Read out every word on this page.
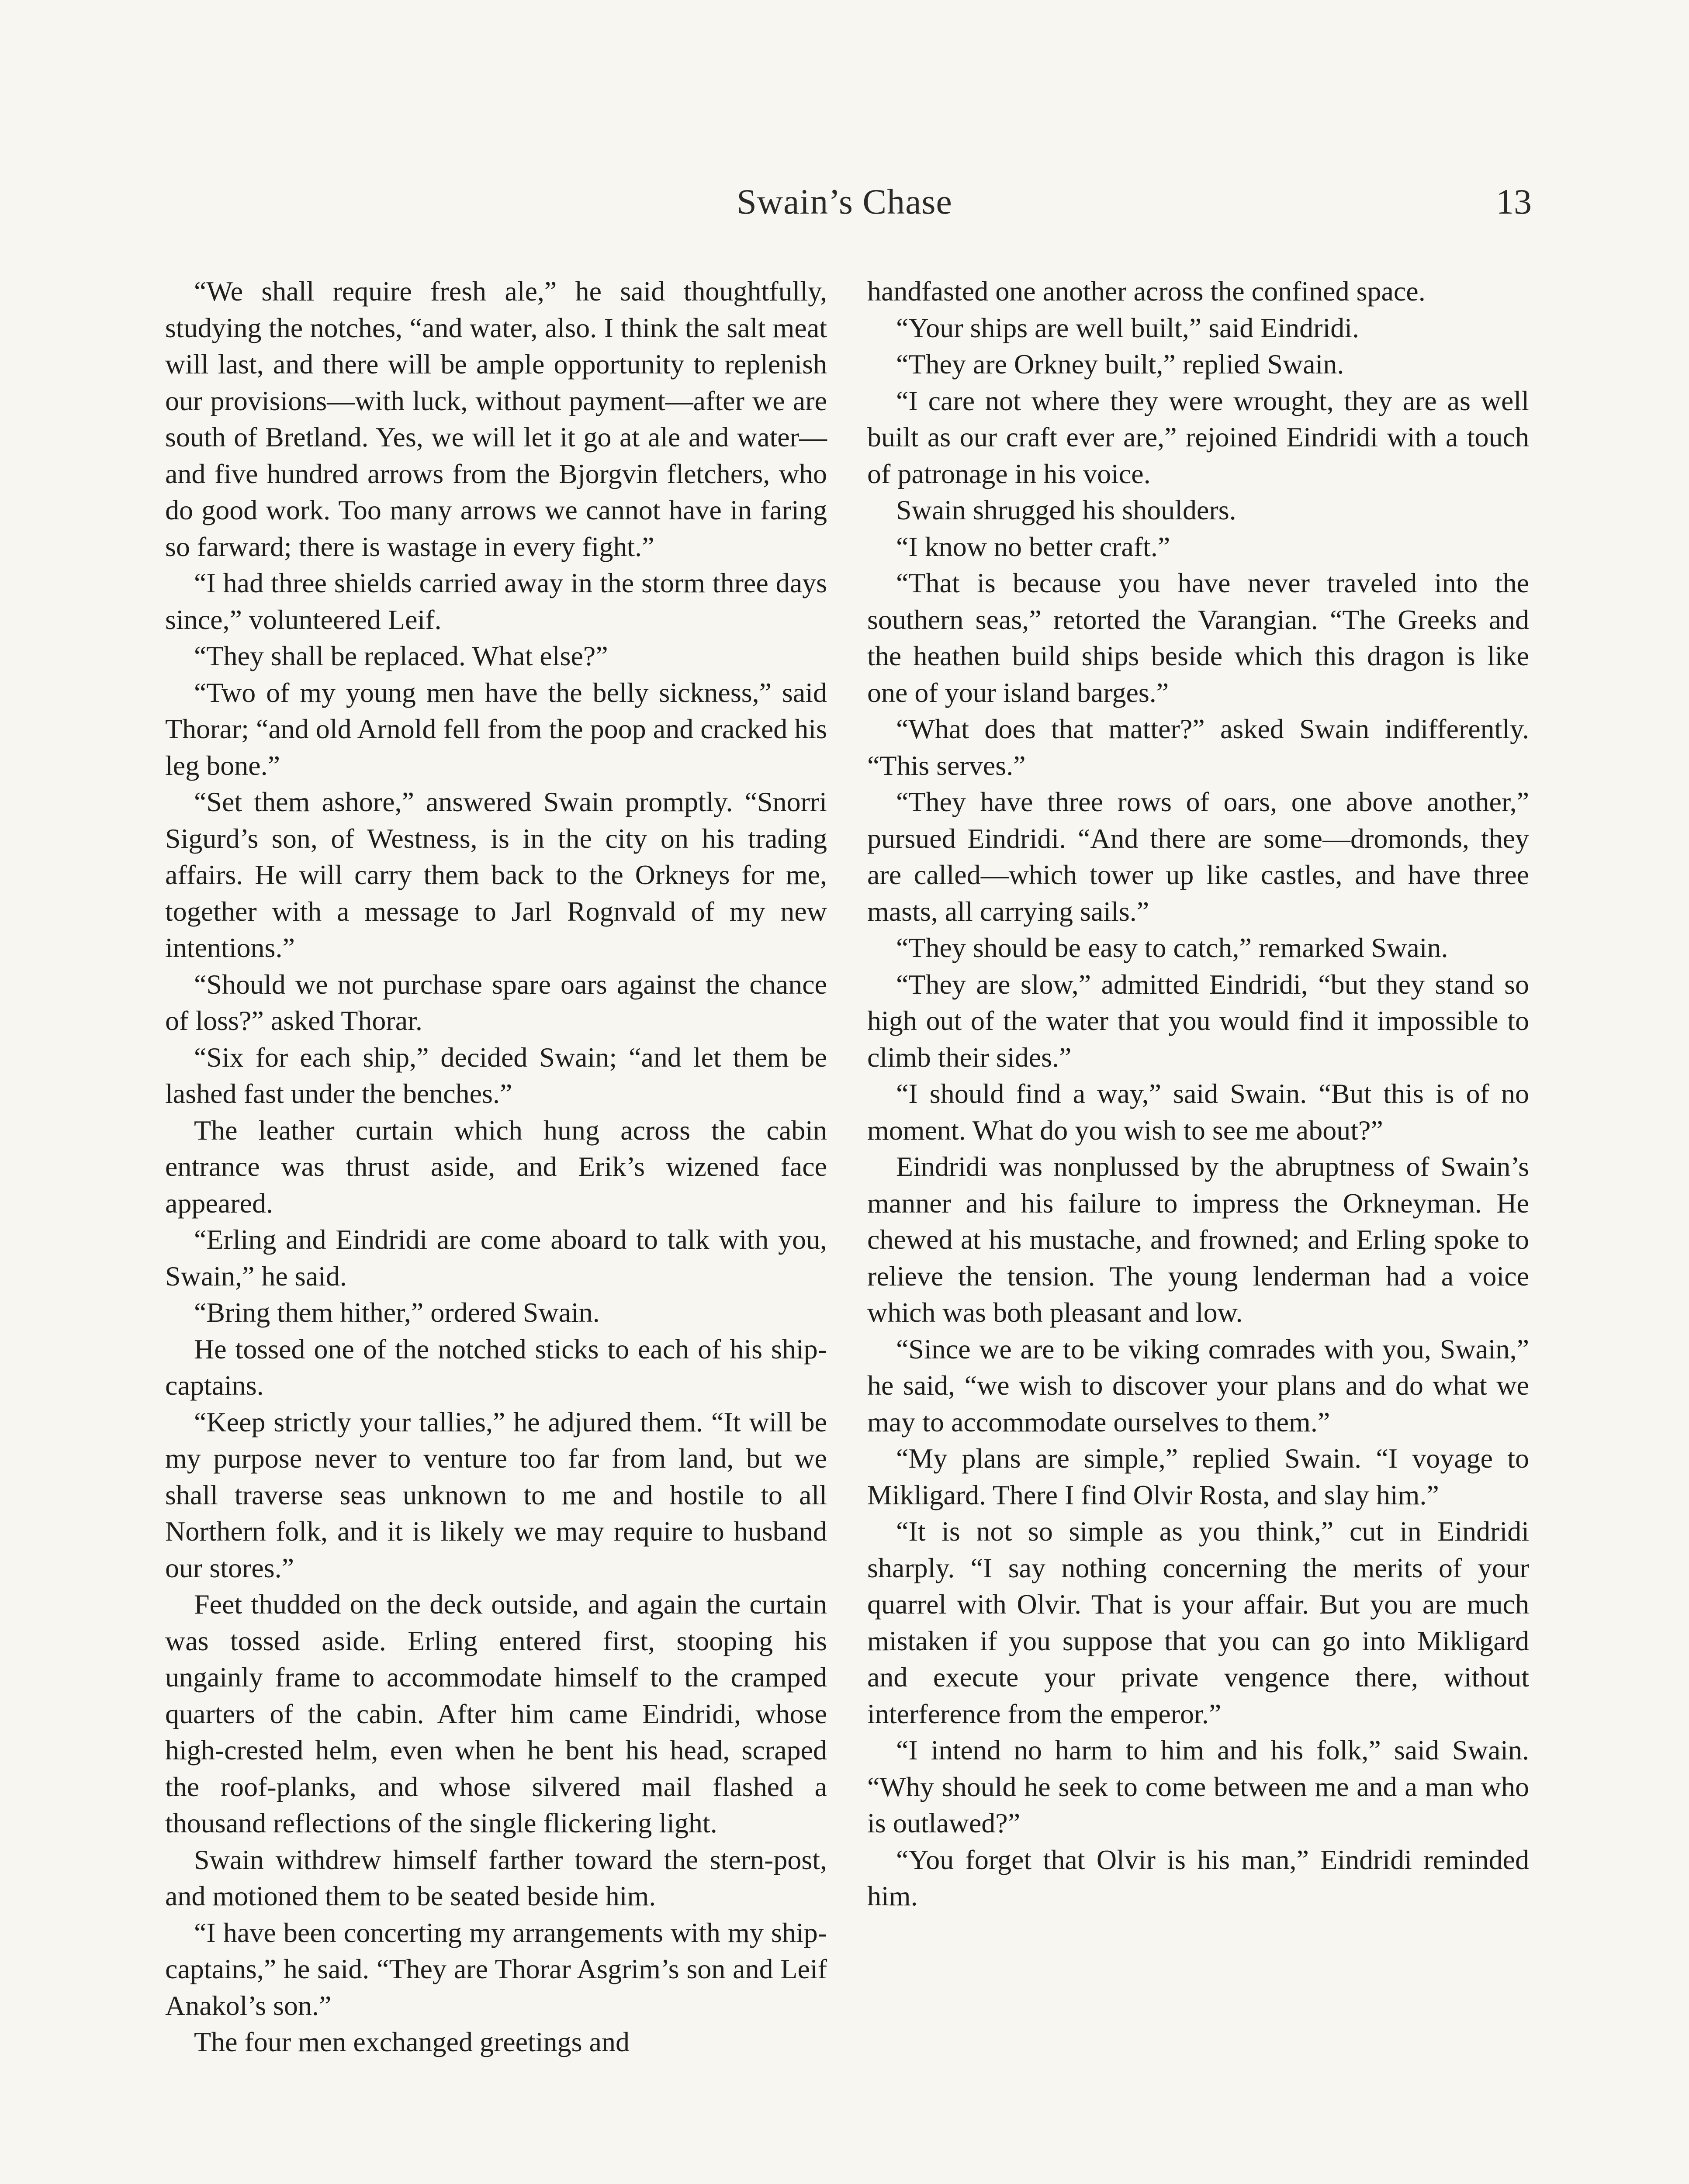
Swain’s Chase	13

“We shall require fresh ale,” he said thoughtfully, studying the notches, “and water, also. I think the salt meat will last, and there will be ample opportunity to replenish our provisions—with luck, without payment—after we are south of Bretland. Yes, we will let it go at ale and water—and five hundred arrows from the Bjorgvin fletchers, who do good work. Too many arrows we cannot have in faring so farward; there is wastage in every fight.”

“I had three shields carried away in the storm three days since,” volunteered Leif.

“They shall be replaced. What else?”

“Two of my young men have the belly sickness,” said Thorar; “and old Arnold fell from the poop and cracked his leg bone.”

“Set them ashore,” answered Swain promptly. “Snorri Sigurd’s son, of Westness, is in the city on his trading affairs. He will carry them back to the Orkneys for me, together with a message to Jarl Rognvald of my new intentions.”

“Should we not purchase spare oars against the chance of loss?” asked Thorar.

“Six for each ship,” decided Swain; “and let them be lashed fast under the benches.”

The leather curtain which hung across the cabin entrance was thrust aside, and Erik’s wizened face appeared.

“Erling and Eindridi are come aboard to talk with you, Swain,” he said.

“Bring them hither,” ordered Swain.

He tossed one of the notched sticks to each of his ship-captains.

“Keep strictly your tallies,” he adjured them. “It will be my purpose never to venture too far from land, but we shall traverse seas unknown to me and hostile to all Northern folk, and it is likely we may require to husband our stores.”

Feet thudded on the deck outside, and again the curtain was tossed aside. Erling entered first, stooping his ungainly frame to accommodate himself to the cramped quarters of the cabin. After him came Eindridi, whose high-crested helm, even when he bent his head, scraped the roof-planks, and whose silvered mail flashed a thousand reflections of the single flickering light.

Swain withdrew himself farther toward the stern-post, and motioned them to be seated beside him.

“I have been concerting my arrangements with my ship-captains,” he said. “They are Thorar Asgrim’s son and Leif Anakol’s son.”

The four men exchanged greetings and

handfasted one another across the confined space.

“Your ships are well built,” said Eindridi.

“They are Orkney built,” replied Swain.

“I care not where they were wrought, they are as well built as our craft ever are,” rejoined Eindridi with a touch of patronage in his voice.

Swain shrugged his shoulders.

“I know no better craft.”

“That is because you have never traveled into the southern seas,” retorted the Varangian. “The Greeks and the heathen build ships beside which this dragon is like one of your island barges.”

“What does that matter?” asked Swain indifferently. “This serves.”

“They have three rows of oars, one above another,” pursued Eindridi. “And there are some—dromonds, they are called—which tower up like castles, and have three masts, all carrying sails.”

“They should be easy to catch,” remarked Swain.

“They are slow,” admitted Eindridi, “but they stand so high out of the water that you would find it impossible to climb their sides.”

“I should find a way,” said Swain. “But this is of no moment. What do you wish to see me about?”

Eindridi was nonplussed by the abruptness of Swain’s manner and his failure to impress the Orkneyman. He chewed at his mustache, and frowned; and Erling spoke to relieve the tension. The young lenderman had a voice which was both pleasant and low.

“Since we are to be viking comrades with you, Swain,” he said, “we wish to discover your plans and do what we may to accommodate ourselves to them.”

“My plans are simple,” replied Swain. “I voyage to Mikligard. There I find Olvir Rosta, and slay him.”

“It is not so simple as you think,” cut in Eindridi sharply. “I say nothing concerning the merits of your quarrel with Olvir. That is your affair. But you are much mistaken if you suppose that you can go into Mikligard and execute your private vengence there, without interference from the emperor.”

“I intend no harm to him and his folk,” said Swain. “Why should he seek to come between me and a man who is outlawed?”

“You forget that Olvir is his man,” Eindridi reminded him.
